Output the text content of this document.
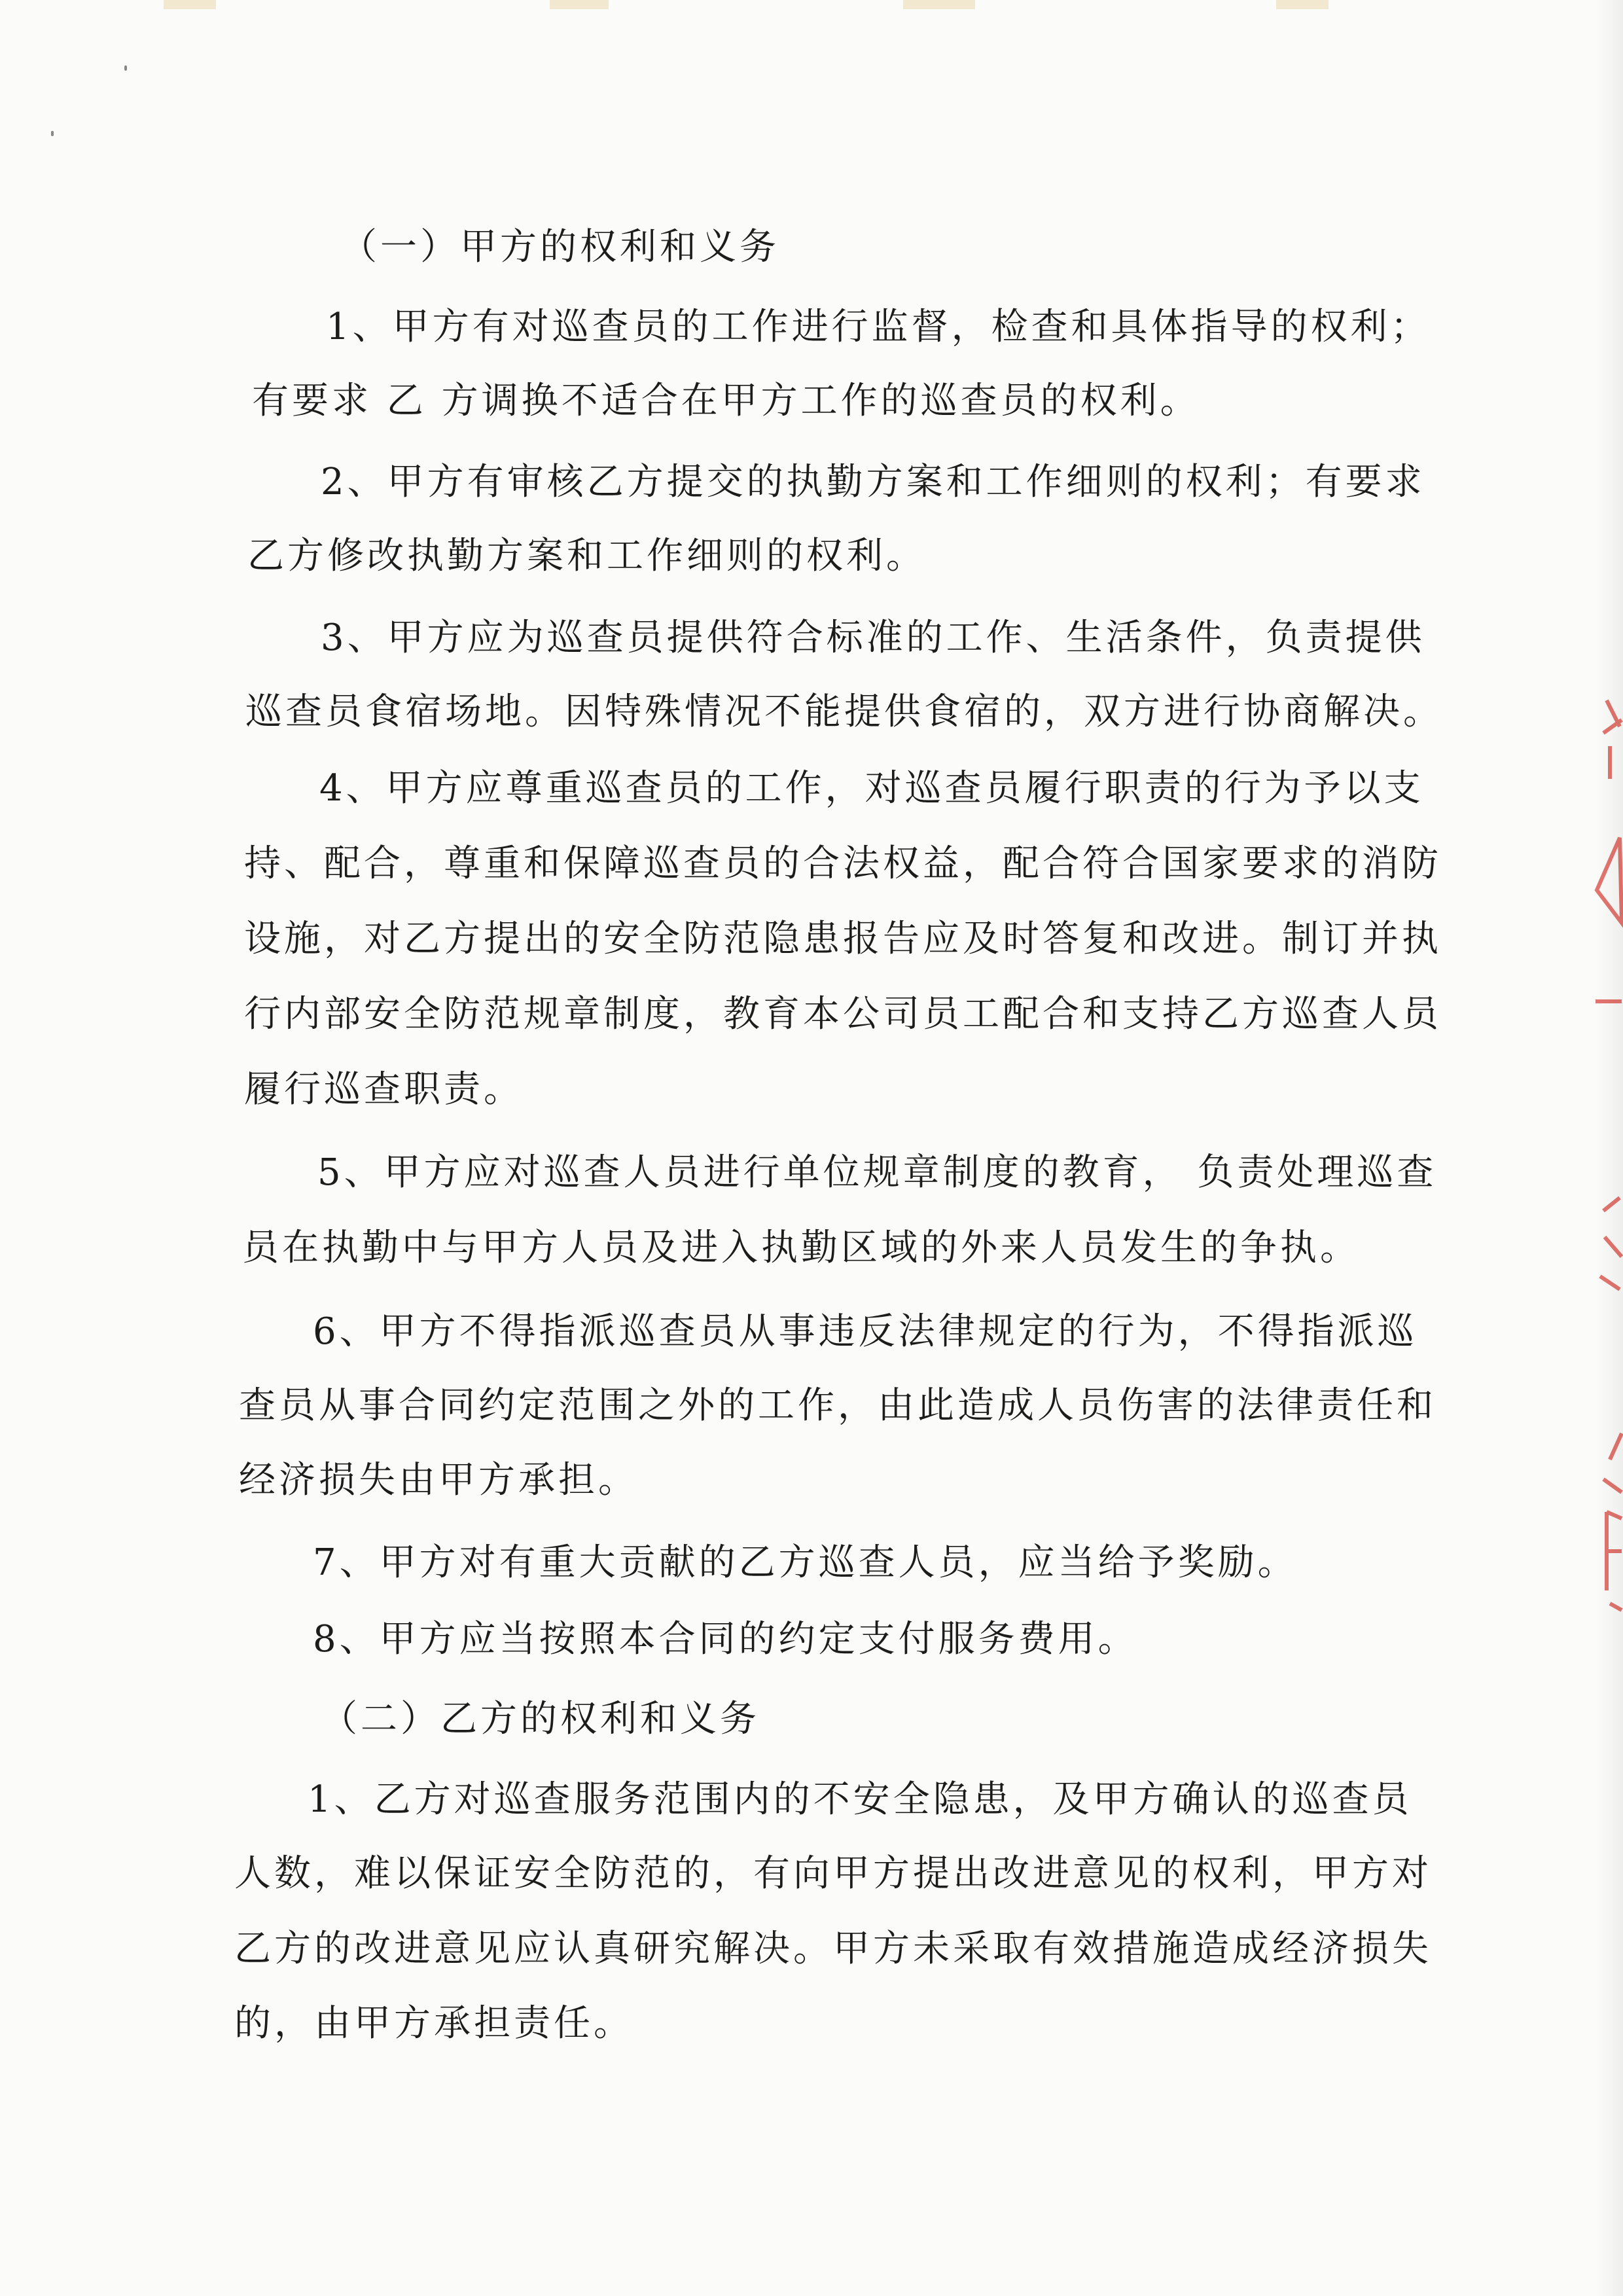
（一）甲方的权利和义务
1、甲方有对巡查员的工作进行监督，检查和具体指导的权利；
有要求 乙 方调换不适合在甲方工作的巡查员的权利。
2、甲方有审核乙方提交的执勤方案和工作细则的权利；有要求
乙方修改执勤方案和工作细则的权利。
3、甲方应为巡查员提供符合标准的工作、生活条件，负责提供
巡查员食宿场地。因特殊情况不能提供食宿的，双方进行协商解决。
4、甲方应尊重巡查员的工作，对巡查员履行职责的行为予以支
持、配合，尊重和保障巡查员的合法权益，配合符合国家要求的消防
设施，对乙方提出的安全防范隐患报告应及时答复和改进。制订并执
行内部安全防范规章制度，教育本公司员工配合和支持乙方巡查人员
履行巡查职责。
5、甲方应对巡查人员进行单位规章制度的教育， 负责处理巡查
员在执勤中与甲方人员及进入执勤区域的外来人员发生的争执。
6、甲方不得指派巡查员从事违反法律规定的行为，不得指派巡
查员从事合同约定范围之外的工作，由此造成人员伤害的法律责任和
经济损失由甲方承担。
7、甲方对有重大贡献的乙方巡查人员，应当给予奖励。
8、甲方应当按照本合同的约定支付服务费用。
（二）乙方的权利和义务
1、乙方对巡查服务范围内的不安全隐患，及甲方确认的巡查员
人数，难以保证安全防范的，有向甲方提出改进意见的权利，甲方对
乙方的改进意见应认真研究解决。甲方未采取有效措施造成经济损失
的，由甲方承担责任。
